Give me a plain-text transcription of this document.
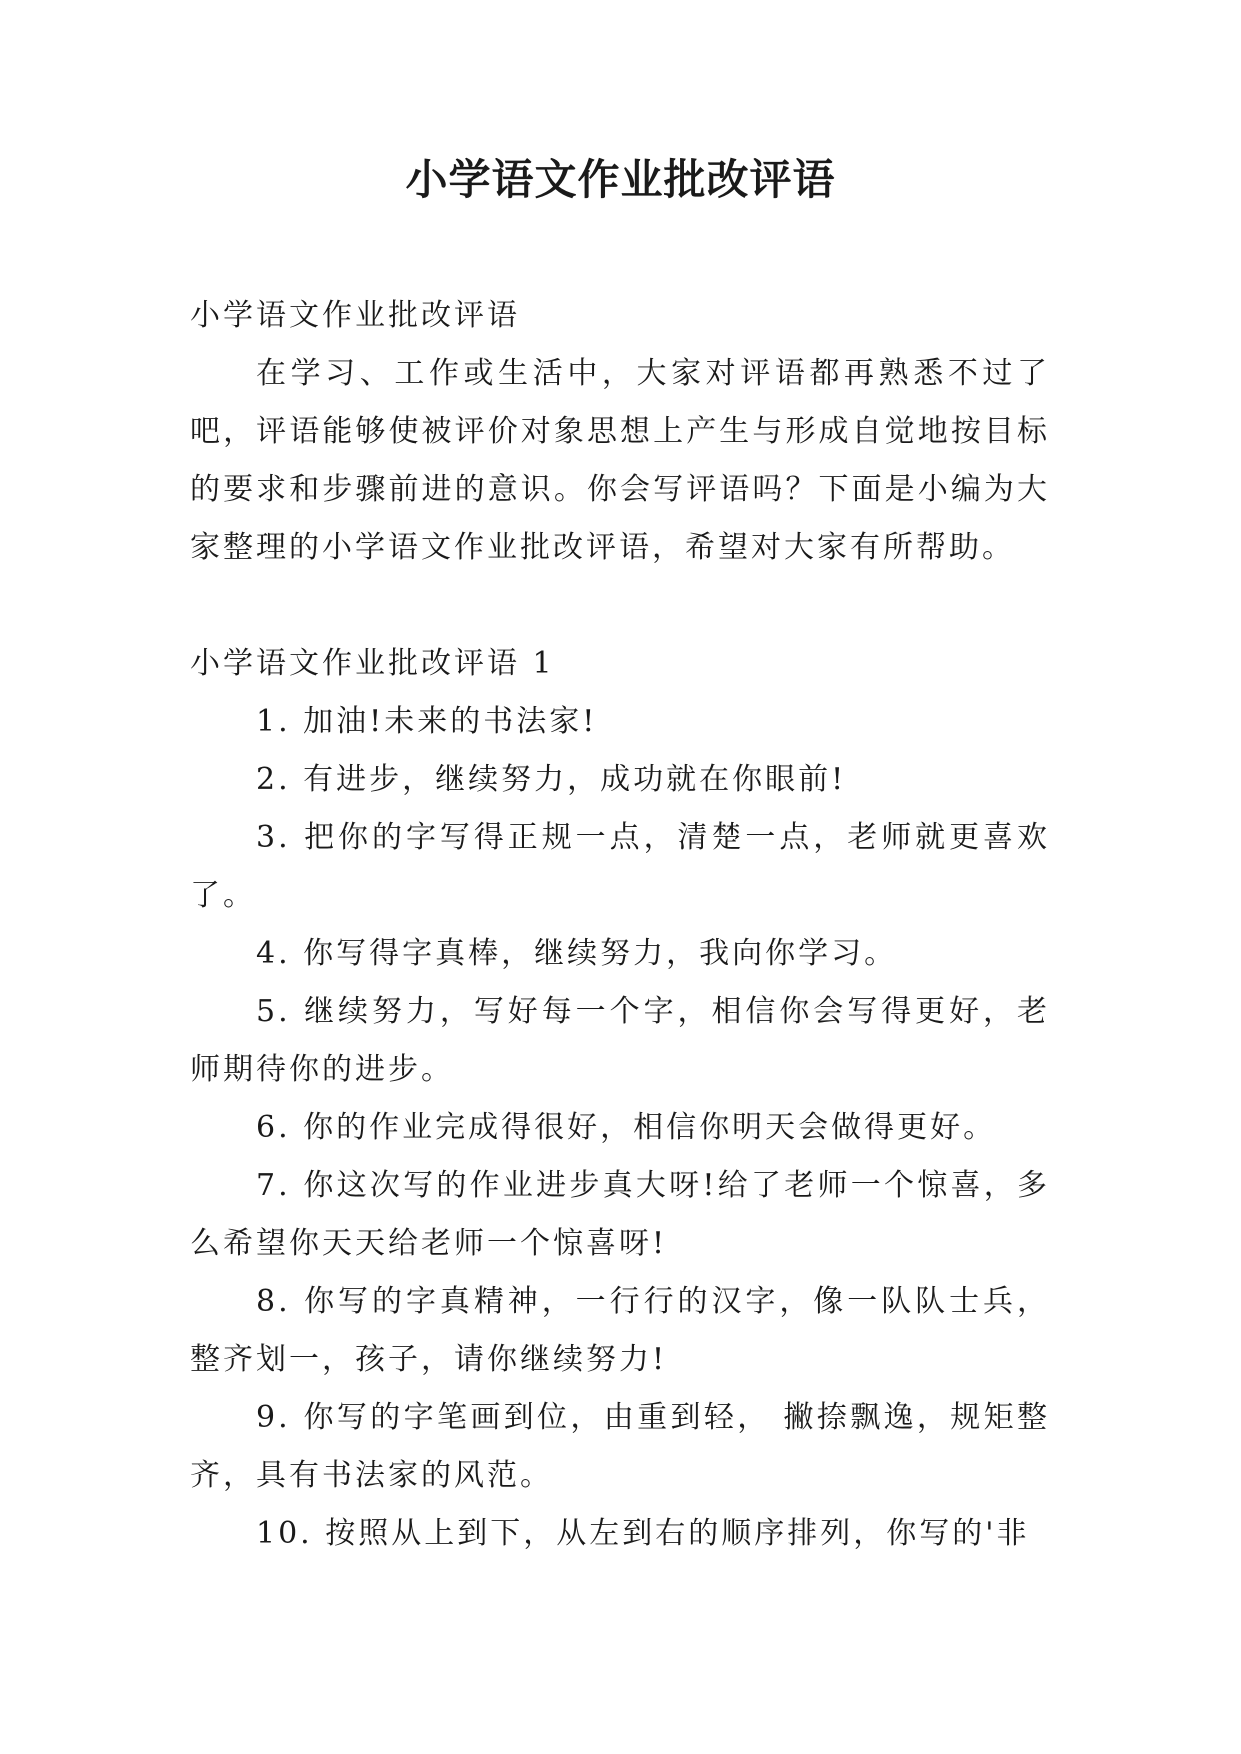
小学语文作业批改评语

小学语文作业批改评语

在学习、工作或生活中，大家对评语都再熟悉不过了吧，评语能够使被评价对象思想上产生与形成自觉地按目标的要求和步骤前进的意识。你会写评语吗？下面是小编为大家整理的小学语文作业批改评语，希望对大家有所帮助。

小学语文作业批改评语 1

1. 加油!未来的书法家!

2. 有进步，继续努力，成功就在你眼前!

3. 把你的字写得正规一点，清楚一点，老师就更喜欢了。

4. 你写得字真棒，继续努力，我向你学习。

5. 继续努力，写好每一个字，相信你会写得更好，老师期待你的进步。

6. 你的作业完成得很好，相信你明天会做得更好。

7. 你这次写的作业进步真大呀!给了老师一个惊喜，多么希望你天天给老师一个惊喜呀!

8. 你写的字真精神，一行行的汉字，像一队队士兵，整齐划一，孩子，请你继续努力!

9. 你写的字笔画到位，由重到轻， 撇捺飘逸，规矩整齐，具有书法家的风范。

10. 按照从上到下，从左到右的顺序排列，你写的'非
